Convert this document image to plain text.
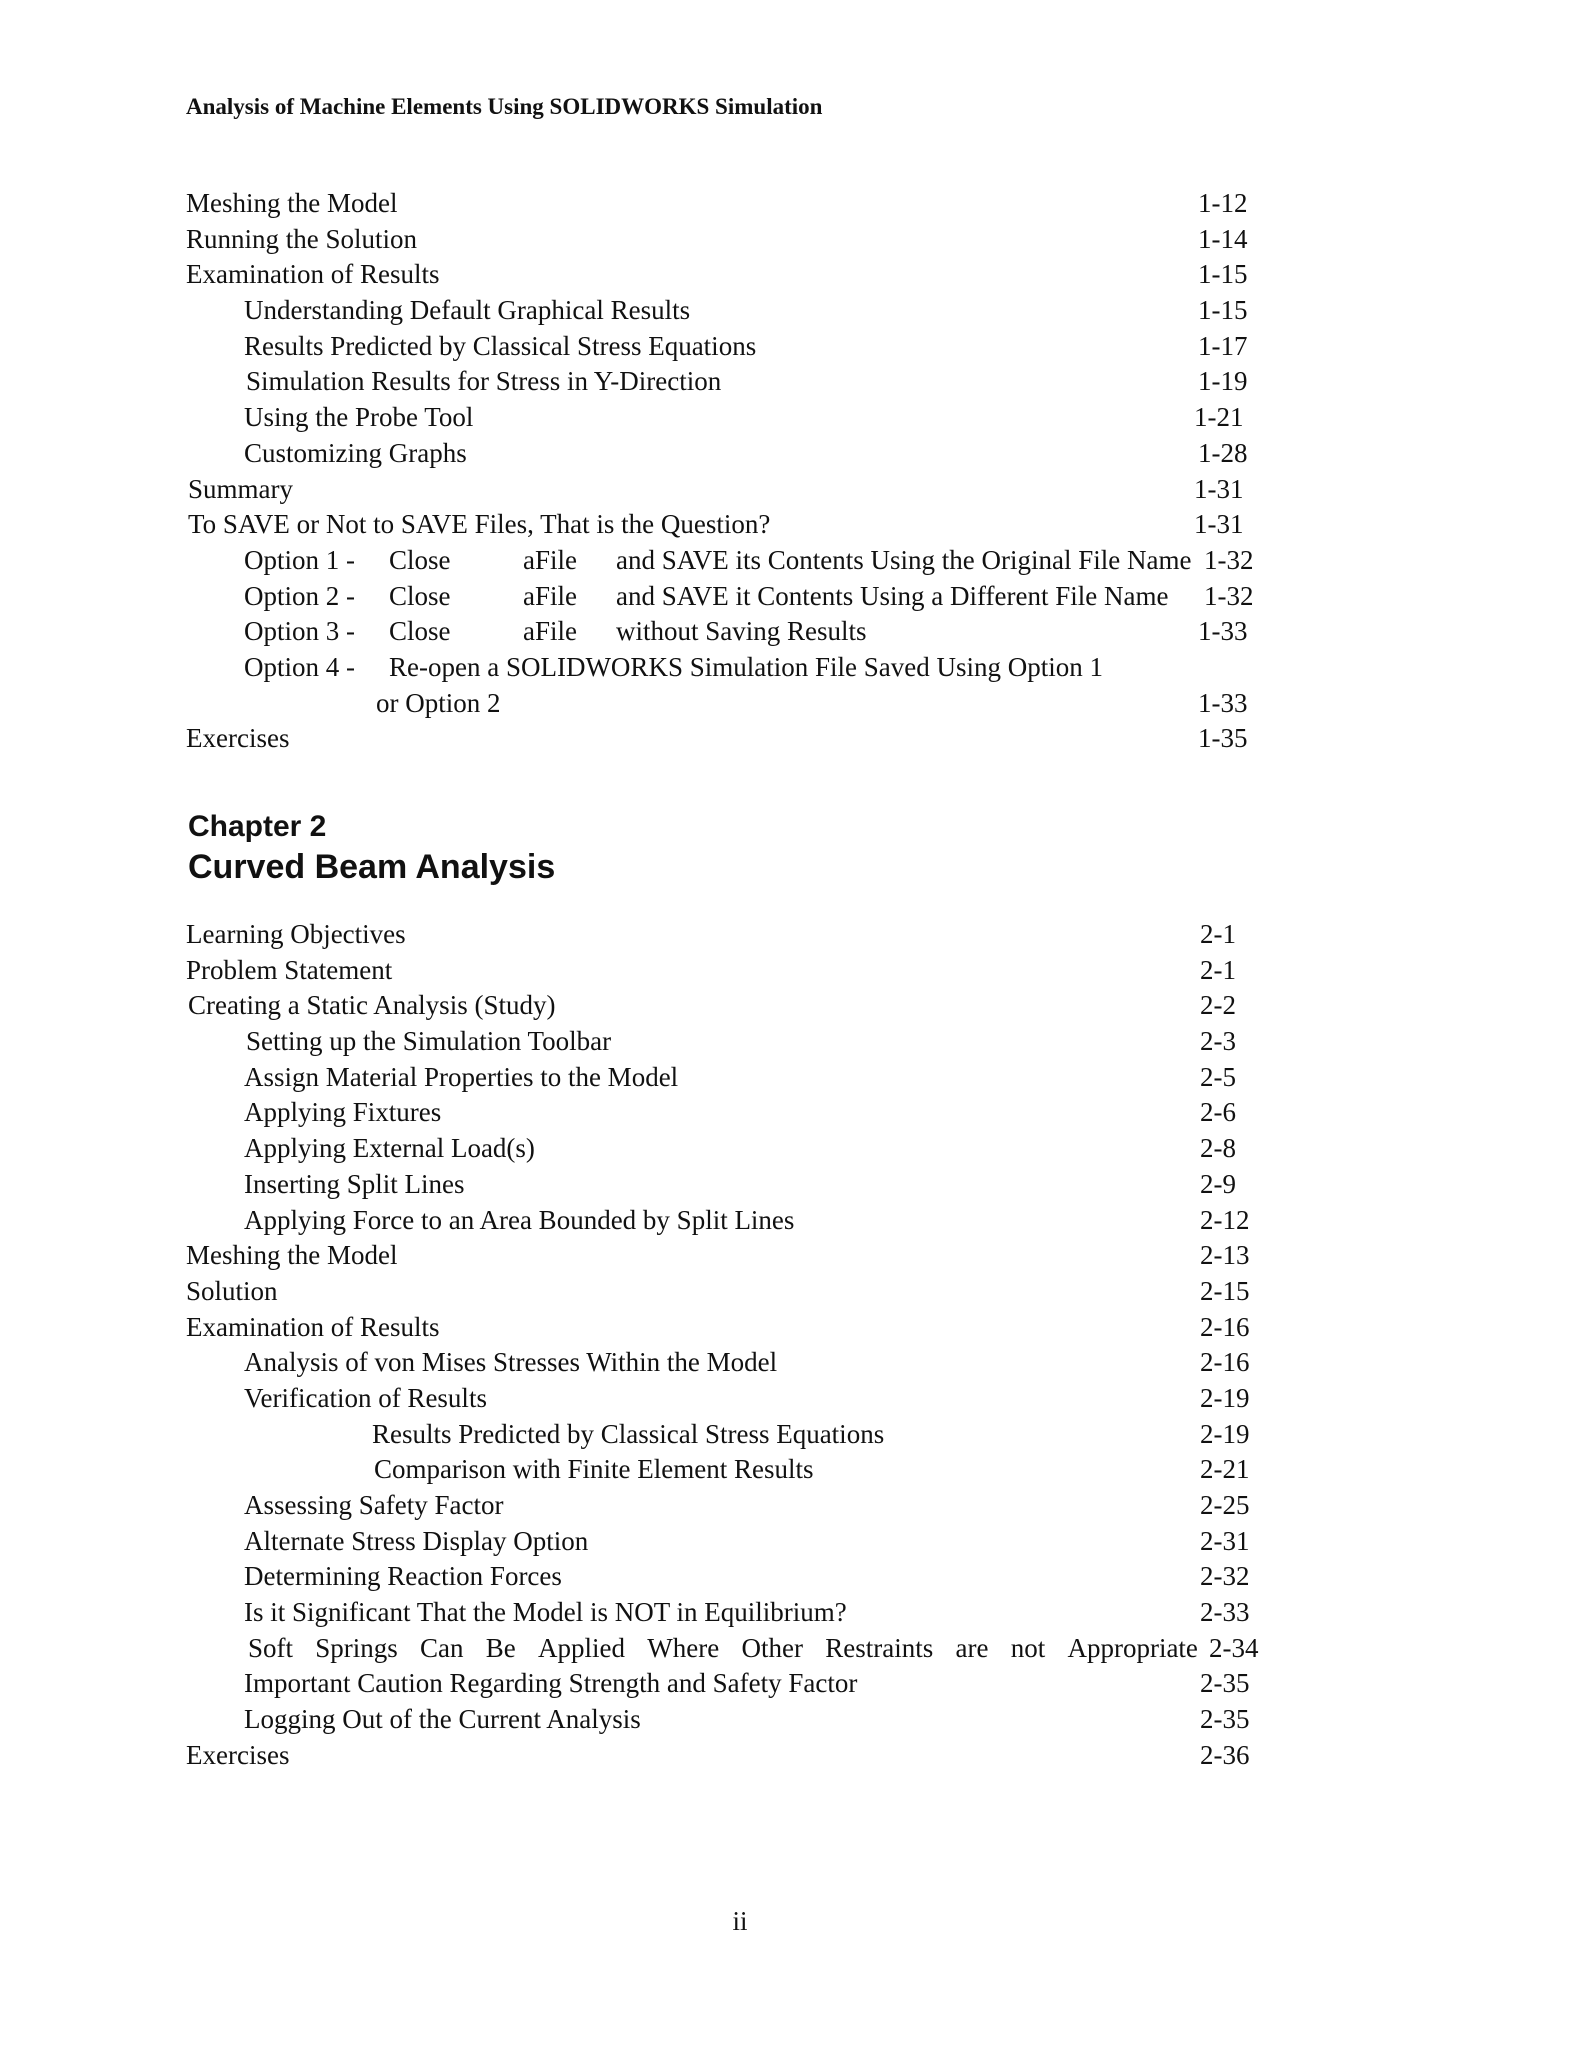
Analysis of Machine Elements Using SOLIDWORKS Simulation
Meshing the Model	1-12
Running the Solution	1-14
Examination of Results	1-15
Understanding Default Graphical Results	1-15
Results Predicted by Classical Stress Equations	1-17
Simulation Results for Stress in Y-Direction	1-19
Using the Probe Tool	1-21
Customizing Graphs	1-28
Summary	1-31
To SAVE or Not to SAVE Files, That is the Question?	1-31
Option 1 - Close	aFile and SAVE its Contents Using the Original File Name 1-32
Option 2 - Close	aFile and SAVE it Contents Using a Different File Name 1-32
Option 3 - Close	aFile without Saving Results	1-33
Option 4 - Re-open a SOLIDWORKS Simulation File Saved Using Option 1
or Option 2	1-33
Exercises	1-35
Chapter 2
Curved Beam Analysis
Learning Objectives	2-1
Problem Statement	2-1
Creating a Static Analysis (Study)	2-2
Setting up the Simulation Toolbar	2-3
Assign Material Properties to the Model	2-5
Applying Fixtures	2-6
Applying External Load(s)	2-8
Inserting Split Lines	2-9
Applying Force to an Area Bounded by Split Lines	2-12
Meshing the Model	2-13
Solution	2-15
Examination of Results	2-16
Analysis of von Mises Stresses Within the Model	2-16
Verification of Results	2-19
Results Predicted by Classical Stress Equations	2-19
Comparison with Finite Element Results	2-21
Assessing Safety Factor	2-25
Alternate Stress Display Option	2-31
Determining Reaction Forces	2-32
Is it Significant That the Model is NOT in Equilibrium?	2-33
Soft Springs Can Be Applied Where Other Restraints are not Appropriate 2-34
Important Caution Regarding Strength and Safety Factor	2-35
Logging Out of the Current Analysis	2-35
Exercises	2-36
ii
